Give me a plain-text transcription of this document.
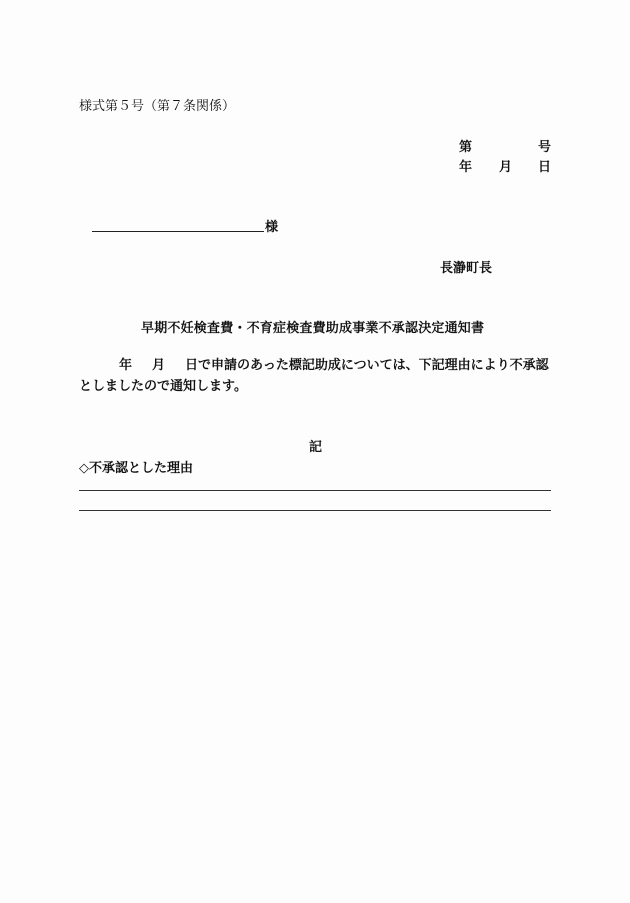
様式第５号（第７条関係）
第	号
年 月 日
様
長瀞町長
早期不妊検査費・不育症検査費助成事業不承認決定通知書
年 月 日で申請のあった標記助成については、下記理由により不承認としましたので通知します。
記
◇不承認とした理由
